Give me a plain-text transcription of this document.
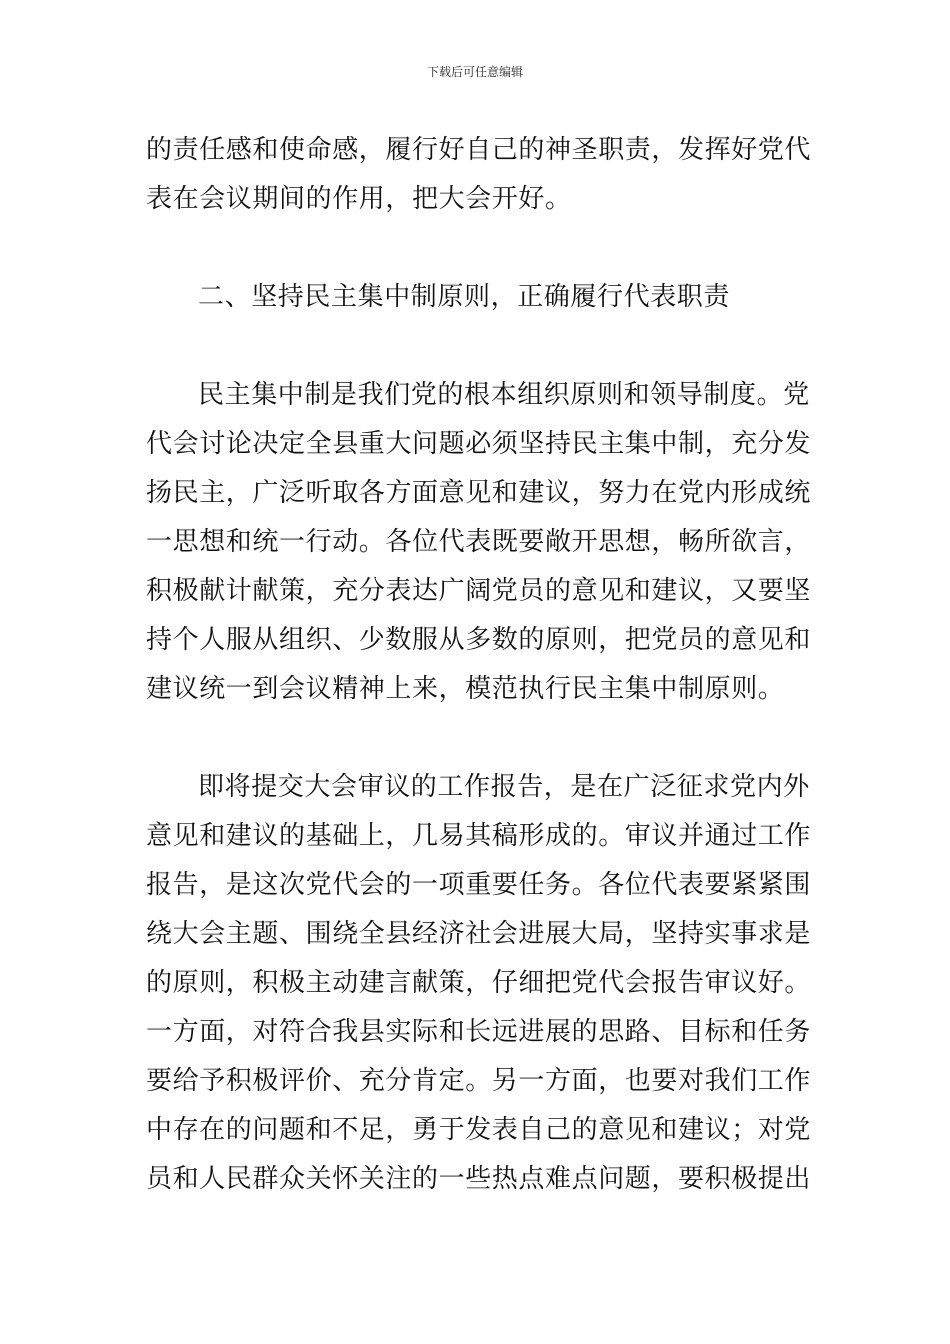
下载后可任意编辑
的责任感和使命感，履行好自己的神圣职责，发挥好党代
表在会议期间的作用，把大会开好。
二、坚持民主集中制原则，正确履行代表职责
民主集中制是我们党的根本组织原则和领导制度。党
代会讨论决定全县重大问题必须坚持民主集中制，充分发
扬民主，广泛听取各方面意见和建议，努力在党内形成统
一思想和统一行动。各位代表既要敞开思想，畅所欲言，
积极献计献策，充分表达广阔党员的意见和建议，又要坚
持个人服从组织、少数服从多数的原则，把党员的意见和
建议统一到会议精神上来，模范执行民主集中制原则。
即将提交大会审议的工作报告，是在广泛征求党内外
意见和建议的基础上，几易其稿形成的。审议并通过工作
报告，是这次党代会的一项重要任务。各位代表要紧紧围
绕大会主题、围绕全县经济社会进展大局，坚持实事求是
的原则，积极主动建言献策，仔细把党代会报告审议好。
一方面，对符合我县实际和长远进展的思路、目标和任务
要给予积极评价、充分肯定。另一方面，也要对我们工作
中存在的问题和不足，勇于发表自己的意见和建议；对党
员和人民群众关怀关注的一些热点难点问题，要积极提出
